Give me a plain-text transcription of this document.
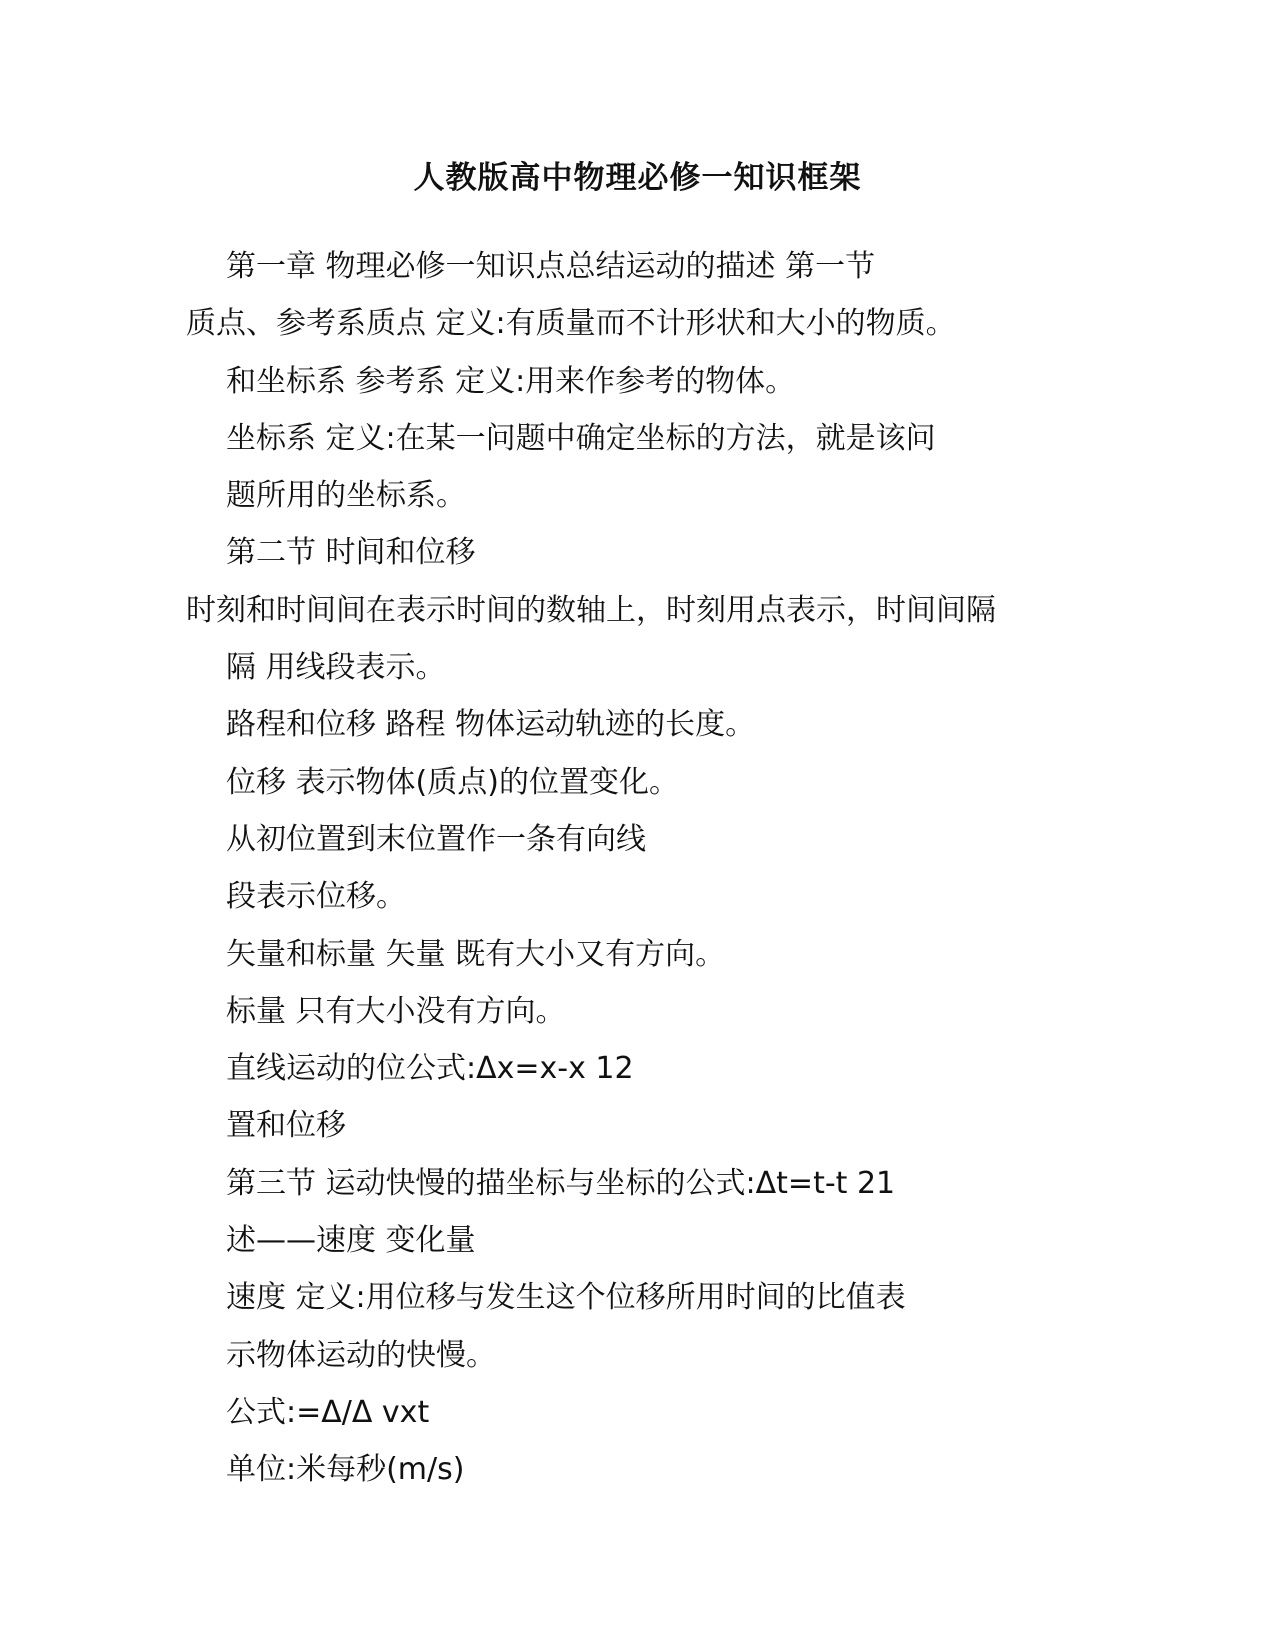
人教版高中物理必修一知识框架
第一章 物理必修一知识点总结运动的描述 第一节
质点、参考系质点 定义:有质量而不计形状和大小的物质。
和坐标系 参考系 定义:用来作参考的物体。
坐标系 定义:在某一问题中确定坐标的方法，就是该问
题所用的坐标系。
第二节 时间和位移
时刻和时间间在表示时间的数轴上，时刻用点表示，时间间隔
隔 用线段表示。
路程和位移 路程 物体运动轨迹的长度。
位移 表示物体(质点)的位置变化。
从初位置到末位置作一条有向线
段表示位移。
矢量和标量 矢量 既有大小又有方向。
标量 只有大小没有方向。
直线运动的位公式:Δx=x-x 12
置和位移
第三节 运动快慢的描坐标与坐标的公式:Δt=t-t 21
述——速度 变化量
速度 定义:用位移与发生这个位移所用时间的比值表
示物体运动的快慢。
公式:=Δ/Δ vxt
单位:米每秒(m/s)
